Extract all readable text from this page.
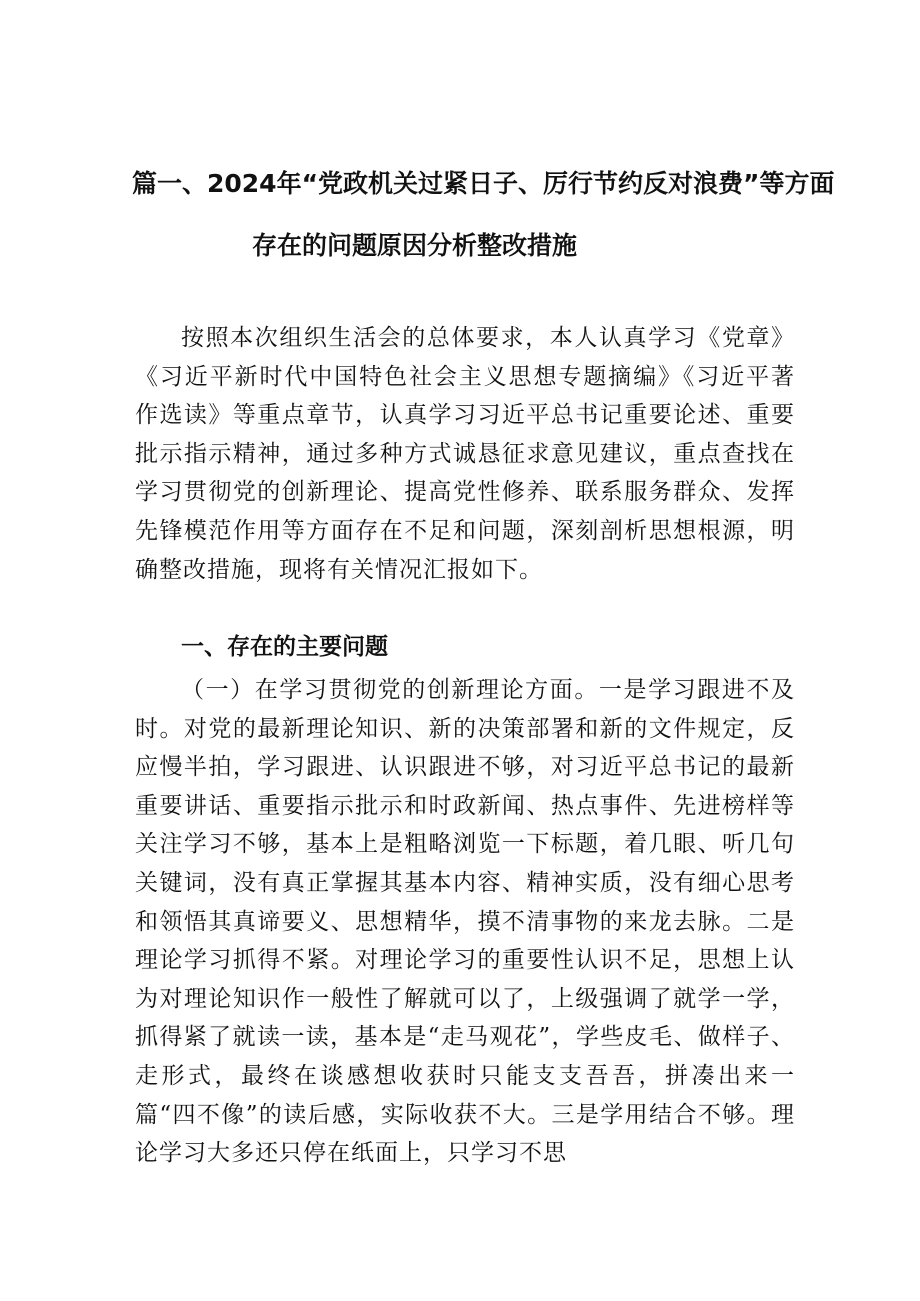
篇一、2024年“党政机关过紧日子、厉行节约反对浪费”等方面
存在的问题原因分析整改措施

按照本次组织生活会的总体要求，本人认真学习《党章》《习近平新时代中国特色社会主义思想专题摘编》《习近平著作选读》等重点章节，认真学习习近平总书记重要论述、重要批示指示精神，通过多种方式诚恳征求意见建议，重点查找在学习贯彻党的创新理论、提高党性修养、联系服务群众、发挥先锋模范作用等方面存在不足和问题，深刻剖析思想根源，明确整改措施，现将有关情况汇报如下。

一、存在的主要问题

（一）在学习贯彻党的创新理论方面。一是学习跟进不及时。对党的最新理论知识、新的决策部署和新的文件规定，反应慢半拍，学习跟进、认识跟进不够，对习近平总书记的最新重要讲话、重要指示批示和时政新闻、热点事件、先进榜样等关注学习不够，基本上是粗略浏览一下标题，着几眼、听几句关键词，没有真正掌握其基本内容、精神实质，没有细心思考和领悟其真谛要义、思想精华，摸不清事物的来龙去脉。二是理论学习抓得不紧。对理论学习的重要性认识不足，思想上认为对理论知识作一般性了解就可以了，上级强调了就学一学，抓得紧了就读一读，基本是“走马观花”，学些皮毛、做样子、走形式，最终在谈感想收获时只能支支吾吾，拼凑出来一篇“四不像”的读后感，实际收获不大。三是学用结合不够。理论学习大多还只停在纸面上，只学习不思
